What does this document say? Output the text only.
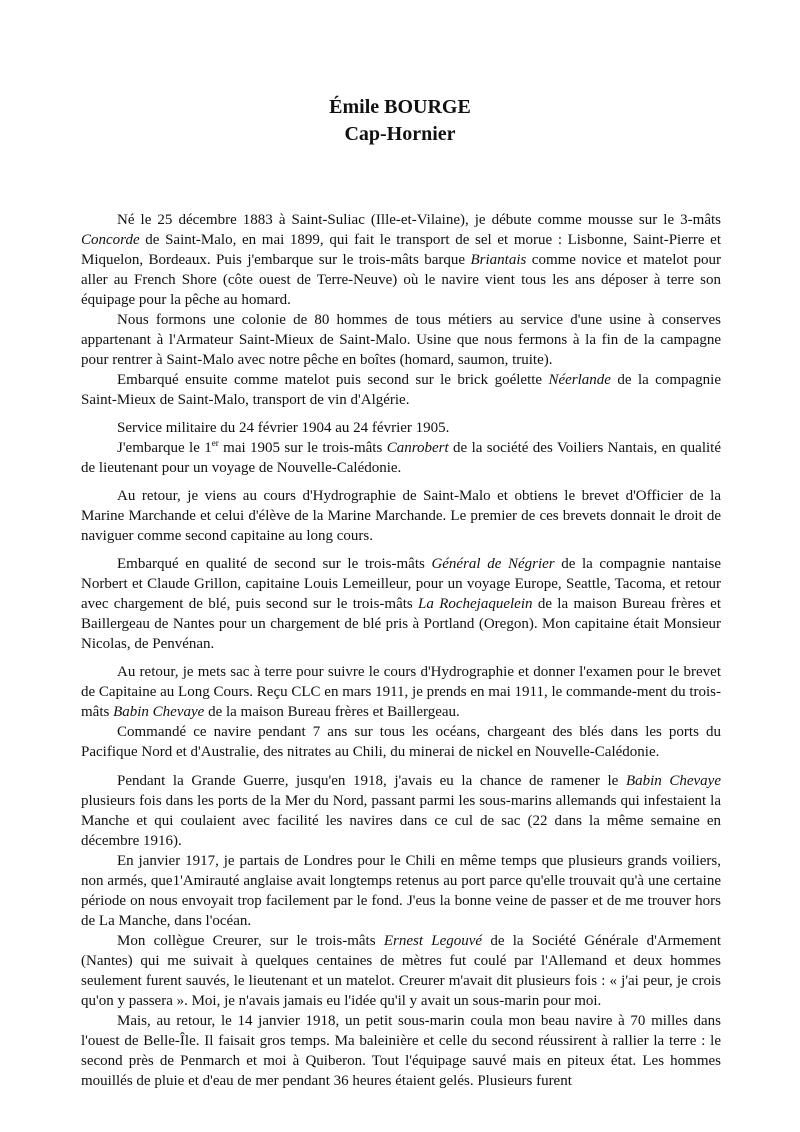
Émile BOURGE
Cap-Hornier

Né le 25 décembre 1883 à Saint-Suliac (Ille-et-Vilaine), je débute comme mousse sur le 3-mâts Concorde de Saint-Malo, en mai 1899, qui fait le transport de sel et morue : Lisbonne, Saint-Pierre et Miquelon, Bordeaux. Puis j'embarque sur le trois-mâts barque Briantais comme novice et matelot pour aller au French Shore (côte ouest de Terre-Neuve) où le navire vient tous les ans déposer à terre son équipage pour la pêche au homard.

Nous formons une colonie de 80 hommes de tous métiers au service d'une usine à conserves appartenant à l'Armateur Saint-Mieux de Saint-Malo. Usine que nous fermons à la fin de la campagne pour rentrer à Saint-Malo avec notre pêche en boîtes (homard, saumon, truite).

Embarqué ensuite comme matelot puis second sur le brick goélette Néerlande de la compagnie Saint-Mieux de Saint-Malo, transport de vin d'Algérie.

Service militaire du 24 février 1904 au 24 février 1905.

J'embarque le 1er mai 1905 sur le trois-mâts Canrobert de la société des Voiliers Nantais, en qualité de lieutenant pour un voyage de Nouvelle-Calédonie.

Au retour, je viens au cours d'Hydrographie de Saint-Malo et obtiens le brevet d'Officier de la Marine Marchande et celui d'élève de la Marine Marchande. Le premier de ces brevets donnait le droit de naviguer comme second capitaine au long cours.

Embarqué en qualité de second sur le trois-mâts Général de Négrier de la compagnie nantaise Norbert et Claude Grillon, capitaine Louis Lemeilleur, pour un voyage Europe, Seattle, Tacoma, et retour avec chargement de blé, puis second sur le trois-mâts La Rochejaquelein de la maison Bureau frères et Baillergeau de Nantes pour un chargement de blé pris à Portland (Oregon). Mon capitaine était Monsieur Nicolas, de Penvénan.

Au retour, je mets sac à terre pour suivre le cours d'Hydrographie et donner l'examen pour le brevet de Capitaine au Long Cours. Reçu CLC en mars 1911, je prends en mai 1911, le commande-ment du trois-mâts Babin Chevaye de la maison Bureau frères et Baillergeau.

Commandé ce navire pendant 7 ans sur tous les océans, chargeant des blés dans les ports du Pacifique Nord et d'Australie, des nitrates au Chili, du minerai de nickel en Nouvelle-Calédonie.

Pendant la Grande Guerre, jusqu'en 1918, j'avais eu la chance de ramener le Babin Chevaye plusieurs fois dans les ports de la Mer du Nord, passant parmi les sous-marins allemands qui infestaient la Manche et qui coulaient avec facilité les navires dans ce cul de sac (22 dans la même semaine en décembre 1916).

En janvier 1917, je partais de Londres pour le Chili en même temps que plusieurs grands voiliers, non armés, que1'Amirauté anglaise avait longtemps retenus au port parce qu'elle trouvait qu'à une certaine période on nous envoyait trop facilement par le fond. J'eus la bonne veine de passer et de me trouver hors de La Manche, dans l'océan.

Mon collègue Creurer, sur le trois-mâts Ernest Legouvé de la Société Générale d'Armement (Nantes) qui me suivait à quelques centaines de mètres fut coulé par l'Allemand et deux hommes seulement furent sauvés, le lieutenant et un matelot. Creurer m'avait dit plusieurs fois : « j'ai peur, je crois qu'on y passera ». Moi, je n'avais jamais eu l'idée qu'il y avait un sous-marin pour moi.

Mais, au retour, le 14 janvier 1918, un petit sous-marin coula mon beau navire à 70 milles dans l'ouest de Belle-Île. Il faisait gros temps. Ma baleinière et celle du second réussirent à rallier la terre : le second près de Penmarch et moi à Quiberon. Tout l'équipage sauvé mais en piteux état. Les hommes mouillés de pluie et d'eau de mer pendant 36 heures étaient gelés. Plusieurs furent
